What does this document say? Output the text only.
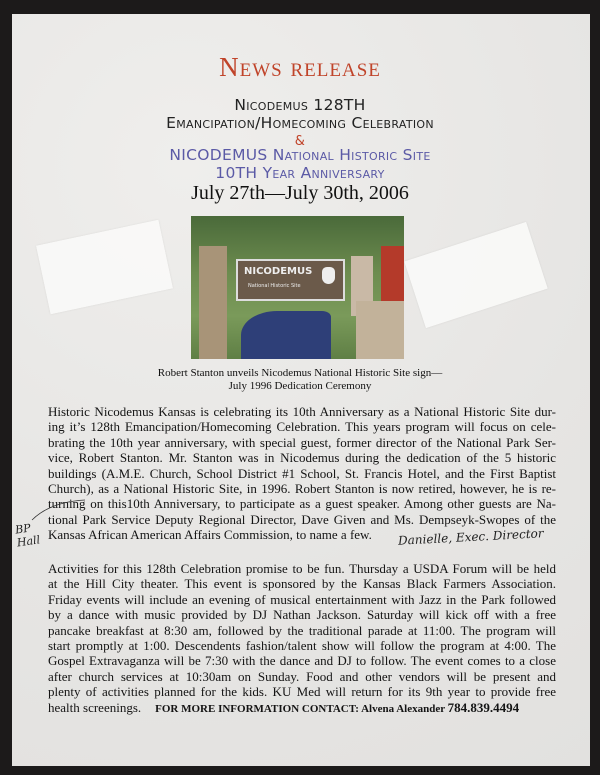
News release
Nicodemus 128TH
Emancipation/Homecoming Celebration
&
NICODEMUS National Historic Site
10TH Year Anniversary
July 27th—July 30th, 2006
NICODEMUS
National Historic Site
Robert Stanton unveils Nicodemus National Historic Site sign—
July 1996 Dedication Ceremony
Historic Nicodemus Kansas is celebrating its 10th Anniversary as a National Historic Site dur-
ing it’s 128th Emancipation/Homecoming Celebration. This years program will focus on cele-
brating the 10th year anniversary, with special guest, former director of the National Park Ser-
vice, Robert Stanton. Mr. Stanton was in Nicodemus during the dedication of the 5 historic
buildings (A.M.E. Church, School District #1 School, St. Francis Hotel, and the First Baptist
Church), as a National Historic Site, in 1996. Robert Stanton is now retired, however, he is re-
turning on this10th Anniversary, to participate as a guest speaker. Among other guests are Na-
tional Park Service Deputy Regional Director, Dave Given and Ms. Dempseyk-Swopes of the
Kansas African American Affairs Commission, to name a few.
Activities for this 128th Celebration promise to be fun. Thursday a USDA Forum will be held
at the Hill City theater. This event is sponsored by the Kansas Black Farmers Association.
Friday events will include an evening of musical entertainment with Jazz in the Park followed
by a dance with music provided by DJ Nathan Jackson. Saturday will kick off with a free
pancake breakfast at 8:30 am, followed by the traditional parade at 11:00. The program will
start promptly at 1:00. Descendents fashion/talent show will follow the program at 4:00. The
Gospel Extravaganza will be 7:30 with the dance and DJ to follow. The event comes to a close
after church services at 10:30am on Sunday. Food and other vendors will be present and
plenty of activities planned for the kids. KU Med will return for its 9th year to provide free
health screenings. FOR MORE INFORMATION CONTACT: Alvena Alexander 784.839.4494
Danielle, Exec. Director
BP
Hall
